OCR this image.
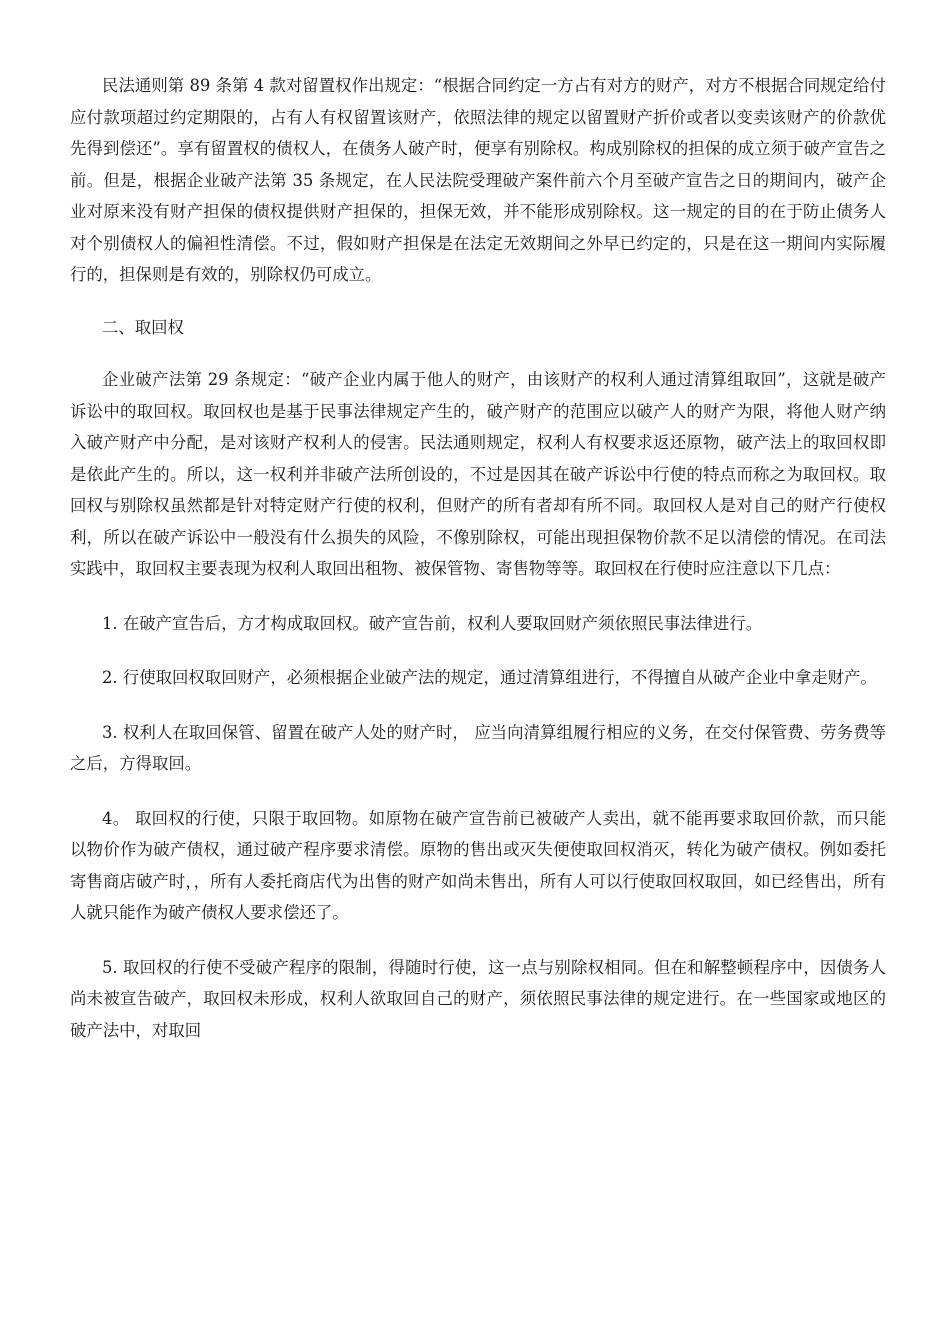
民法通则第 89 条第 4 款对留置权作出规定：“根据合同约定一方占有对方的财产，对方不根据合同规定给付应付款项超过约定期限的，占有人有权留置该财产，依照法律的规定以留置财产折价或者以变卖该财产的价款优先得到偿还”。享有留置权的债权人，在债务人破产时，便享有别除权。构成别除权的担保的成立须于破产宣告之前。但是，根据企业破产法第 35 条规定，在人民法院受理破产案件前六个月至破产宣告之日的期间内，破产企业对原来没有财产担保的债权提供财产担保的，担保无效，并不能形成别除权。这一规定的目的在于防止债务人对个别债权人的偏袒性清偿。不过，假如财产担保是在法定无效期间之外早已约定的，只是在这一期间内实际履行的，担保则是有效的，别除权仍可成立。

二、取回权

企业破产法第 29 条规定：“破产企业内属于他人的财产，由该财产的权利人通过清算组取回”，这就是破产诉讼中的取回权。取回权也是基于民事法律规定产生的，破产财产的范围应以破产人的财产为限，将他人财产纳入破产财产中分配，是对该财产权利人的侵害。民法通则规定，权利人有权要求返还原物，破产法上的取回权即是依此产生的。所以，这一权利并非破产法所创设的，不过是因其在破产诉讼中行使的特点而称之为取回权。取回权与别除权虽然都是针对特定财产行使的权利，但财产的所有者却有所不同。取回权人是对自己的财产行使权利，所以在破产诉讼中一般没有什么损失的风险，不像别除权，可能出现担保物价款不足以清偿的情况。在司法实践中，取回权主要表现为权利人取回出租物、被保管物、寄售物等等。取回权在行使时应注意以下几点：

1. 在破产宣告后，方才构成取回权。破产宣告前，权利人要取回财产须依照民事法律进行。

2. 行使取回权取回财产，必须根据企业破产法的规定，通过清算组进行，不得擅自从破产企业中拿走财产。

3. 权利人在取回保管、留置在破产人处的财产时， 应当向清算组履行相应的义务，在交付保管费、劳务费等之后，方得取回。

4。 取回权的行使，只限于取回物。如原物在破产宣告前已被破产人卖出，就不能再要求取回价款，而只能以物价作为破产债权，通过破产程序要求清偿。原物的售出或灭失便使取回权消灭，转化为破产债权。例如委托寄售商店破产时，，所有人委托商店代为出售的财产如尚未售出，所有人可以行使取回权取回，如已经售出，所有人就只能作为破产债权人要求偿还了。

5. 取回权的行使不受破产程序的限制，得随时行使，这一点与别除权相同。但在和解整顿程序中，因债务人尚未被宣告破产，取回权未形成，权利人欲取回自己的财产，须依照民事法律的规定进行。在一些国家或地区的破产法中，对取回
